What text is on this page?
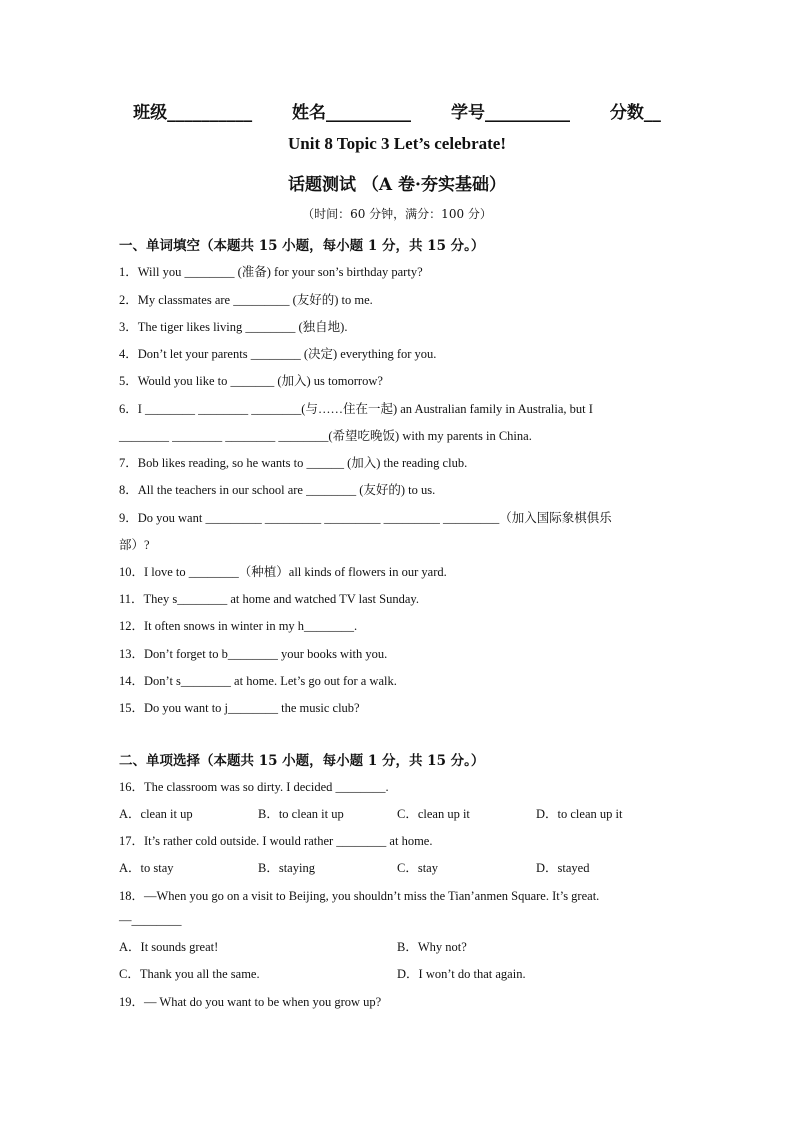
班级__________ 姓名__________ 学号__________ 分数__
Unit 8 Topic 3 Let’s celebrate!
话题测试 （A 卷·夯实基础）
（时间：60 分钟，满分：100 分）
一、单词填空（本题共 15 小题，每小题 1 分，共 15 分。）
1．Will you ________ (准备) for your son’s birthday party?
2．My classmates are _________ (友好的) to me.
3．The tiger likes living ________ (独自地).
4．Don’t let your parents ________ (决定) everything for you.
5．Would you like to _______ (加入) us tomorrow?
6．I ________ ________ ________(与……住在一起) an Australian family in Australia, but I
________ ________ ________ ________(希望吃晚饭) with my parents in China.
7．Bob likes reading, so he wants to ______ (加入) the reading club.
8．All the teachers in our school are ________ (友好的) to us.
9．Do you want _________ _________ _________ _________ _________（加入国际象棋俱乐
部）?
10．I love to ________（种植）all kinds of flowers in our yard.
11．They s________ at home and watched TV last Sunday.
12．It often snows in winter in my h________.
13．Don’t forget to b________ your books with you.
14．Don’t s________ at home. Let’s go out for a walk.
15．Do you want to j________ the music club?
二、单项选择（本题共 15 小题，每小题 1 分，共 15 分。）
16．The classroom was so dirty. I decided ________.
A．clean it up	B．to clean it up	C．clean up it	D．to clean up it
17．It’s rather cold outside. I would rather ________ at home.
A．to stay	B．staying	C．stay	D．stayed
18．—When you go on a visit to Beijing, you shouldn’t miss the Tian’anmen Square. It’s great.
—________
A．It sounds great!	B．Why not?
C．Thank you all the same.	D．I won’t do that again.
19．— What do you want to be when you grow up?
